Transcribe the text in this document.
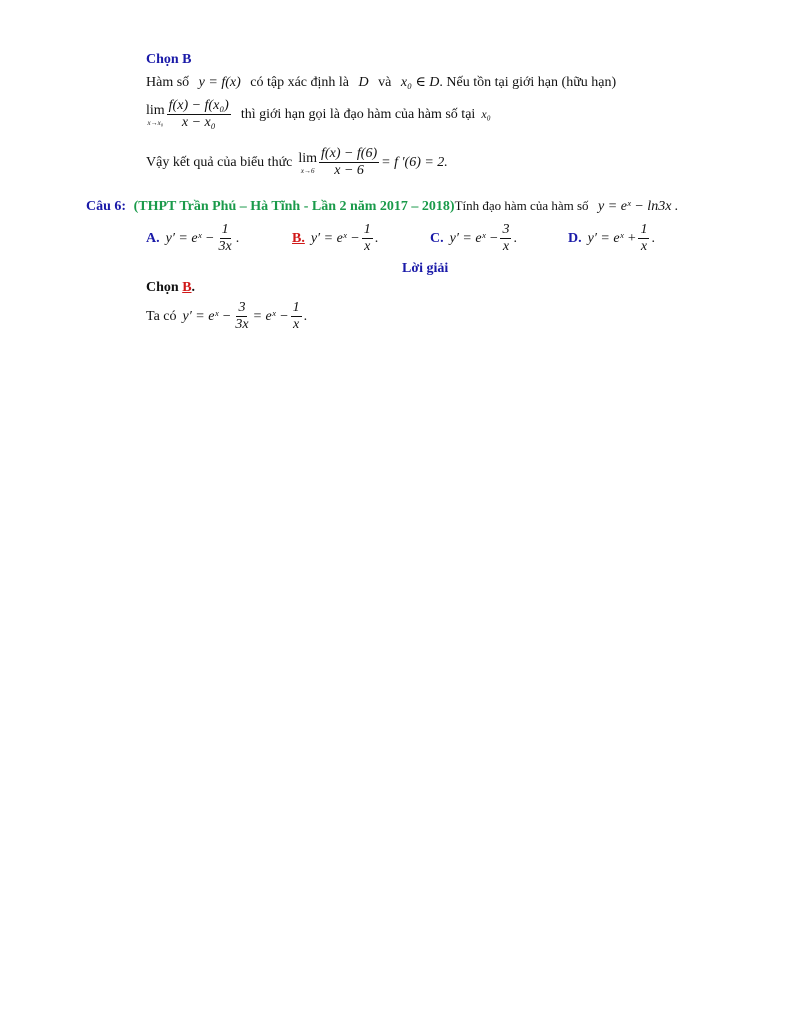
Chọn B
Hàm số y = f(x) có tập xác định là D và x₀ ∈ D. Nếu tồn tại giới hạn (hữu hạn)
lim
$x\to x_0 \frac{\text{f(x) − f(x₀)}}{\text{x − x₀}}$ thì giới hạn gọi là đạo hàm của hàm số tại x₀
Vậy kết quả của biểu thức lim
$x\to 6 \frac{f(x) - f(6)}{x - 6} = f$ ′(6) = 2.
Câu 6: (THPT Trần Phú – Hà Tĩnh - Lần 2 năm 2017 – 2018)Tính đạo hàm của hàm số y = eˣ − ln3x .
A. y′ = eˣ − $\frac{1}{3x}$ .	B. y′ = eˣ − $\frac{1}{x}$ .	C. y′ = eˣ − $\frac{3}{x}$ .	D. y′ = eˣ + $\frac{1}{x}$ .
Lời giải
Chọn B.
Ta có y′ = eˣ − $\frac{3}{3x}$ = eˣ − $\frac{1}{x}$ .
